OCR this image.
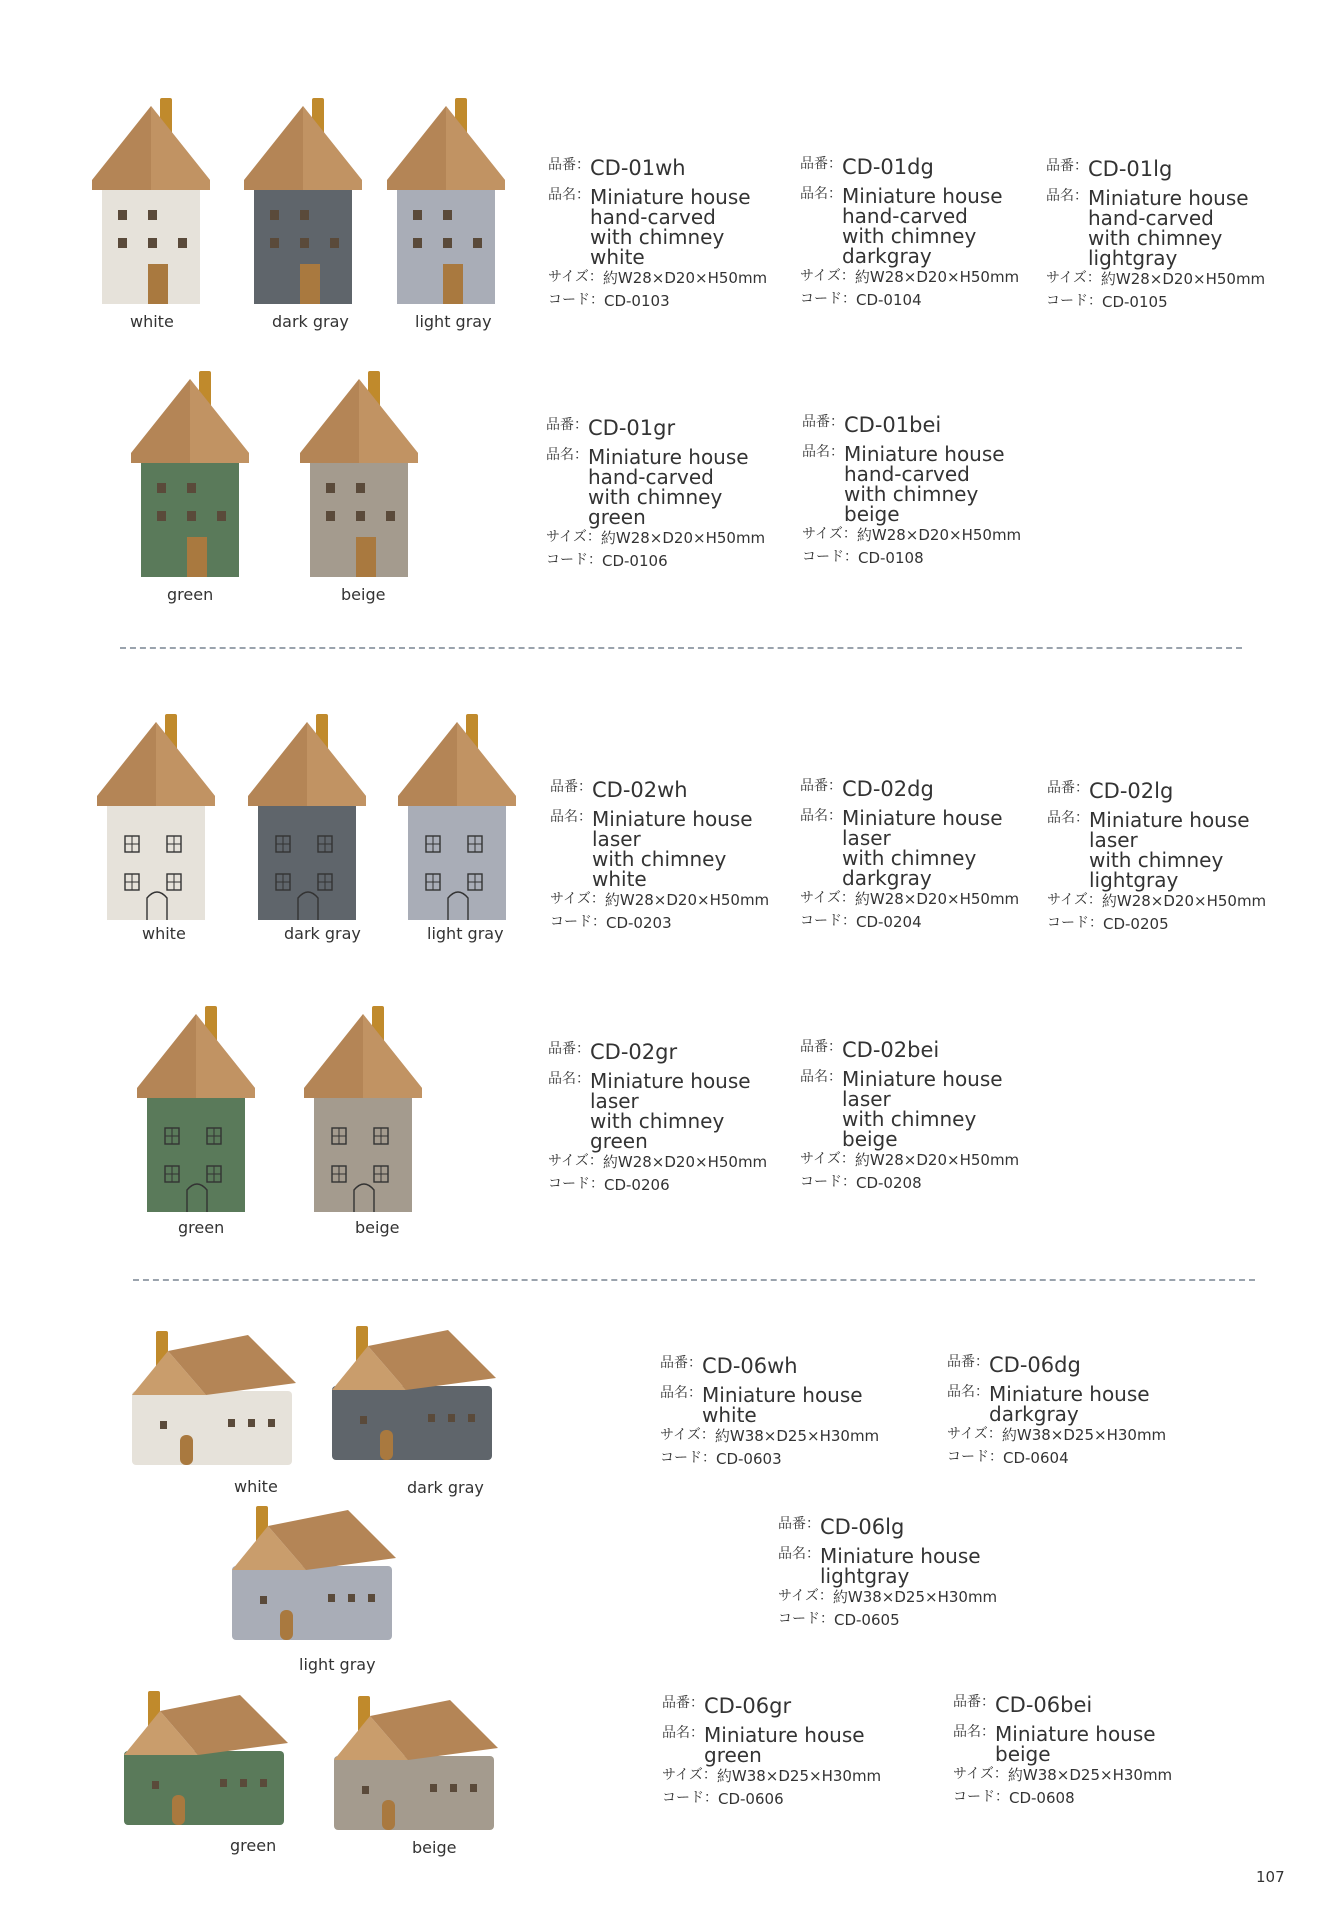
white	dark gray	light gray
green	beige
品番： CD-01wh
品名： Miniature house
hand-carved
with chimney
white
サイズ： 約W28×D20×H50mm
コード： CD-0103
品番： CD-01dg
品名： Miniature house
hand-carved
with chimney
darkgray
サイズ： 約W28×D20×H50mm
コード： CD-0104
品番： CD-01lg
品名： Miniature house
hand-carved
with chimney
lightgray
サイズ： 約W28×D20×H50mm
コード： CD-0105
品番： CD-01gr
品名： Miniature house
hand-carved
with chimney
green
サイズ： 約W28×D20×H50mm
コード： CD-0106
品番： CD-01bei
品名： Miniature house
hand-carved
with chimney
beige
サイズ： 約W28×D20×H50mm
コード： CD-0108
white	dark gray	light gray
green	beige
品番： CD-02wh
品名： Miniature house
laser
with chimney
white
サイズ： 約W28×D20×H50mm
コード： CD-0203
品番： CD-02dg
品名： Miniature house
laser
with chimney
darkgray
サイズ： 約W28×D20×H50mm
コード： CD-0204
品番： CD-02lg
品名： Miniature house
laser
with chimney
lightgray
サイズ： 約W28×D20×H50mm
コード： CD-0205
品番： CD-02gr
品名： Miniature house
laser
with chimney
green
サイズ： 約W28×D20×H50mm
コード： CD-0206
品番： CD-02bei
品名： Miniature house
laser
with chimney
beige
サイズ： 約W28×D20×H50mm
コード： CD-0208
white	dark gray
light gray
green	beige
品番： CD-06wh
品名： Miniature house
white
サイズ： 約W38×D25×H30mm
コード： CD-0603
品番： CD-06dg
品名： Miniature house
darkgray
サイズ： 約W38×D25×H30mm
コード： CD-0604
品番： CD-06lg
品名： Miniature house
lightgray
サイズ： 約W38×D25×H30mm
コード： CD-0605
品番： CD-06gr
品名： Miniature house
green
サイズ： 約W38×D25×H30mm
コード： CD-0606
品番： CD-06bei
品名： Miniature house
beige
サイズ： 約W38×D25×H30mm
コード： CD-0608
107
